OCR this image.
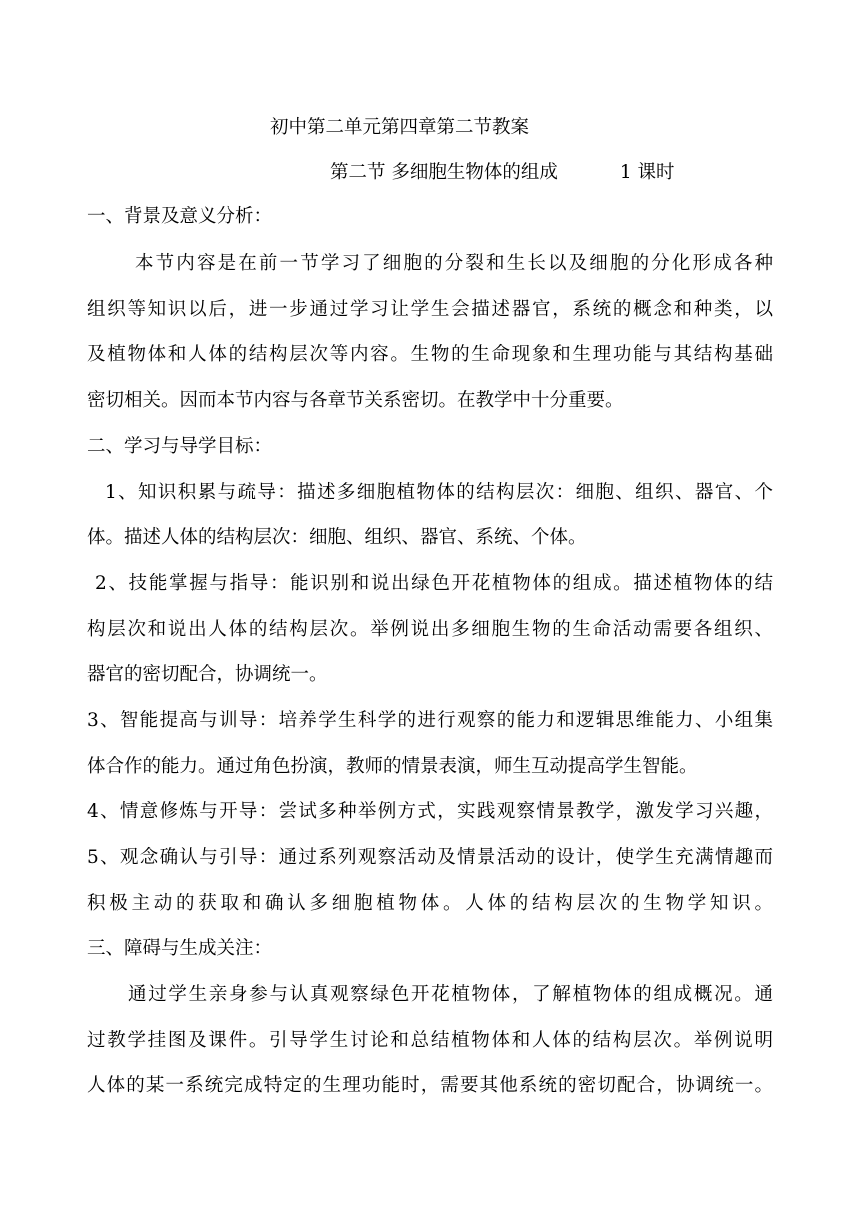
初中第二单元第四章第二节教案
第二节 多细胞生物体的组成	1 课时
一、背景及意义分析：
本节内容是在前一节学习了细胞的分裂和生长以及细胞的分化形成各种
组织等知识以后，进一步通过学习让学生会描述器官，系统的概念和种类，以
及植物体和人体的结构层次等内容。生物的生命现象和生理功能与其结构基础
密切相关。因而本节内容与各章节关系密切。在教学中十分重要。
二、学习与导学目标：
1、知识积累与疏导：描述多细胞植物体的结构层次：细胞、组织、器官、个
体。描述人体的结构层次：细胞、组织、器官、系统、个体。
2、技能掌握与指导：能识别和说出绿色开花植物体的组成。描述植物体的结
构层次和说出人体的结构层次。举例说出多细胞生物的生命活动需要各组织、
器官的密切配合，协调统一。
3、智能提高与训导：培养学生科学的进行观察的能力和逻辑思维能力、小组集
体合作的能力。通过角色扮演，教师的情景表演，师生互动提高学生智能。
4、情意修炼与开导：尝试多种举例方式，实践观察情景教学，激发学习兴趣，
5、观念确认与引导：通过系列观察活动及情景活动的设计，使学生充满情趣而
积极主动的获取和确认多细胞植物体。人体的结构层次的生物学知识。
三、障碍与生成关注：
通过学生亲身参与认真观察绿色开花植物体，了解植物体的组成概况。通
过教学挂图及课件。引导学生讨论和总结植物体和人体的结构层次。举例说明
人体的某一系统完成特定的生理功能时，需要其他系统的密切配合，协调统一。
